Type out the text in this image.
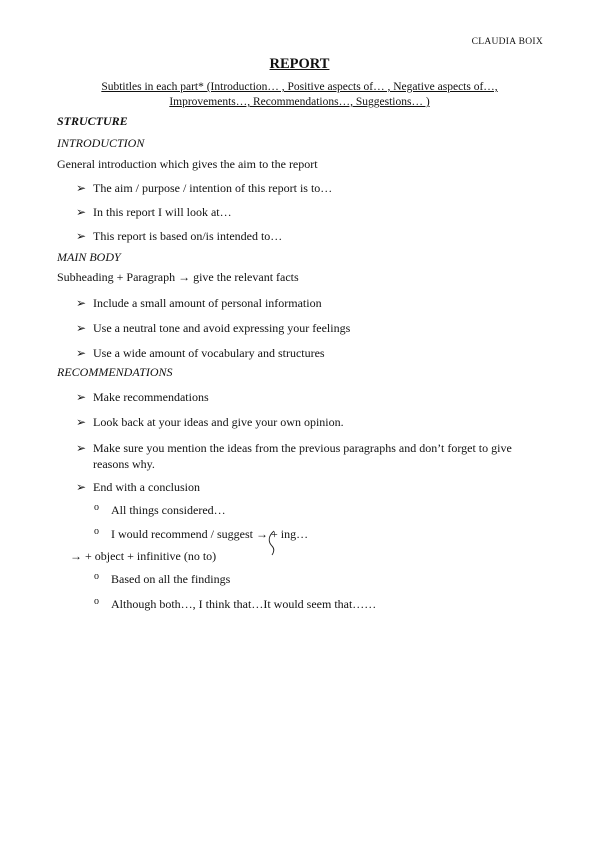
CLAUDIA BOIX
REPORT
Subtitles in each part* (Introduction… , Positive aspects of… , Negative aspects of…, Improvements…, Recommendations…, Suggestions… )
STRUCTURE
INTRODUCTION
General introduction which gives the aim to the report
➢ The aim / purpose / intention of this report is to…
➢ In this report I will look at…
➢ This report is based on/is intended to…
MAIN BODY
Subheading + Paragraph → give the relevant facts
➢ Include a small amount of personal information
➢ Use a neutral tone and avoid expressing your feelings
➢ Use a wide amount of vocabulary and structures
RECOMMENDATIONS
➢ Make recommendations
➢ Look back at your ideas and give your own opinion.
➢ Make sure you mention the ideas from the previous paragraphs and don’t forget to give reasons why.
➢ End with a conclusion
o	All things considered…
o	I would recommend / suggest → + ing…
→ + object + infinitive (no to)
o	Based on all the findings
o	Although both…, I think that…It would seem that……
